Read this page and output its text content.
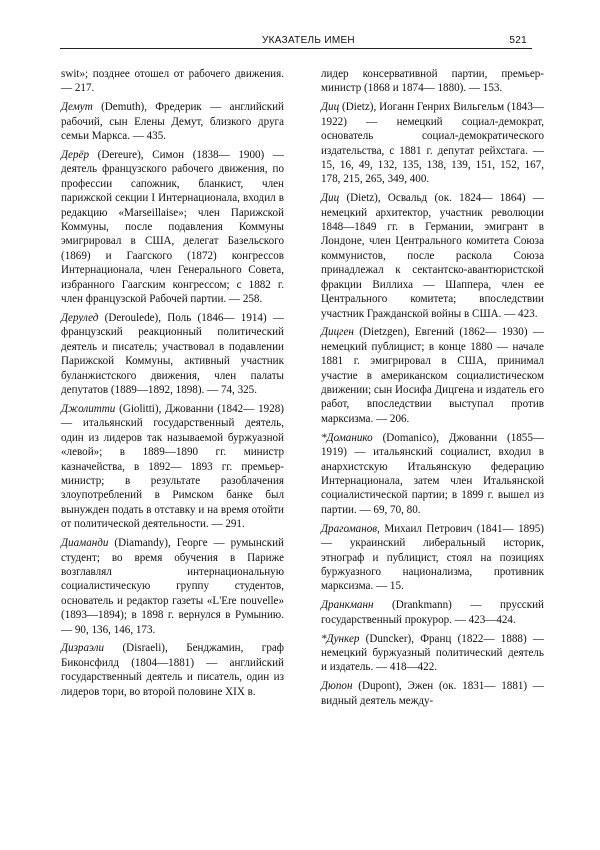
УКАЗАТЕЛЬ ИМЕН	521

swit»; позднее отошел от рабочего движения. — 217.

Демут (Demuth), Фредерик — английский рабочий, сын Елены Демут, близкого друга семьи Маркса. — 435.

Дерёр (Dereure), Симон (1838— 1900) — деятель французского рабочего движения, по профессии сапожник, бланкист, член парижской секции I Интернационала, входил в редакцию «Marseillaise»; член Парижской Коммуны, после подавления Коммуны эмигрировал в США, делегат Базельского (1869) и Гаагского (1872) конгрессов Интернационала, член Генерального Совета, избранного Гаагским конгрессом; с 1882 г. член французской Рабочей партии. — 258.

Дерулед (Deroulede), Поль (1846— 1914) — французский реакционный политический деятель и писатель; участвовал в подавлении Парижской Коммуны, активный участник буланжистского движения, член палаты депутатов (1889—1892, 1898). — 74, 325.

Джолитти (Giolitti), Джованни (1842— 1928) — итальянский государственный деятель, один из лидеров так называемой буржуазной «левой»; в 1889—1890 гг. министр казначейства, в 1892— 1893 гг. премьер-министр; в результате разоблачения злоупотреблений в Римском банке был вынужден подать в отставку и на время отойти от политической деятельности. — 291.

Диаманди (Diamandy), Георге — румынский студент; во время обучения в Париже возглавлял интернациональную социалистическую группу студентов, основатель и редактор газеты «L'Ere nouvelle» (1893—1894); в 1898 г. вернулся в Румынию. — 90, 136, 146, 173.

Дизраэли (Disraeli), Бенджамин, граф Биконсфилд (1804—1881) — английский государственный деятель и писатель, один из лидеров тори, во второй половине XIX в.

лидер консервативной партии, премьер-министр (1868 и 1874— 1880). — 153.

Диц (Dietz), Иоганн Генрих Вильгельм (1843—1922) — немецкий социал-демократ, основатель социал-демократического издательства, с 1881 г. депутат рейхстага. — 15, 16, 49, 132, 135, 138, 139, 151, 152, 167, 178, 215, 265, 349, 400.

Диц (Dietz), Освальд (ок. 1824— 1864) — немецкий архитектор, участник революции 1848—1849 гг. в Германии, эмигрант в Лондоне, член Центрального комитета Союза коммунистов, после раскола Союза принадлежал к сектантско-авантюристской фракции Виллиха — Шаппера, член ее Центрального комитета; впоследствии участник Гражданской войны в США. — 423.

Дицген (Dietzgen), Евгений (1862— 1930) — немецкий публицист; в конце 1880 — начале 1881 г. эмигрировал в США, принимал участие в американском социалистическом движении; сын Иосифа Дицгена и издатель его работ, впоследствии выступал против марксизма. — 206.

*Доманико (Domanico), Джованни (1855— 1919) — итальянский социалист, входил в анархистскую Итальянскую федерацию Интернационала, затем член Итальянской социалистической партии; в 1899 г. вышел из партии. — 69, 70, 80.

Драгоманов, Михаил Петрович (1841— 1895) — украинский либеральный историк, этнограф и публицист, стоял на позициях буржуазного национализма, противник марксизма. — 15.

Дранкманн (Drankmann) — прусский государственный прокурор. — 423—424.

*Дункер (Duncker), Франц (1822— 1888) — немецкий буржуазный политический деятель и издатель. — 418—422.

Дюпон (Dupont), Эжен (ок. 1831— 1881) — видный деятель между-
